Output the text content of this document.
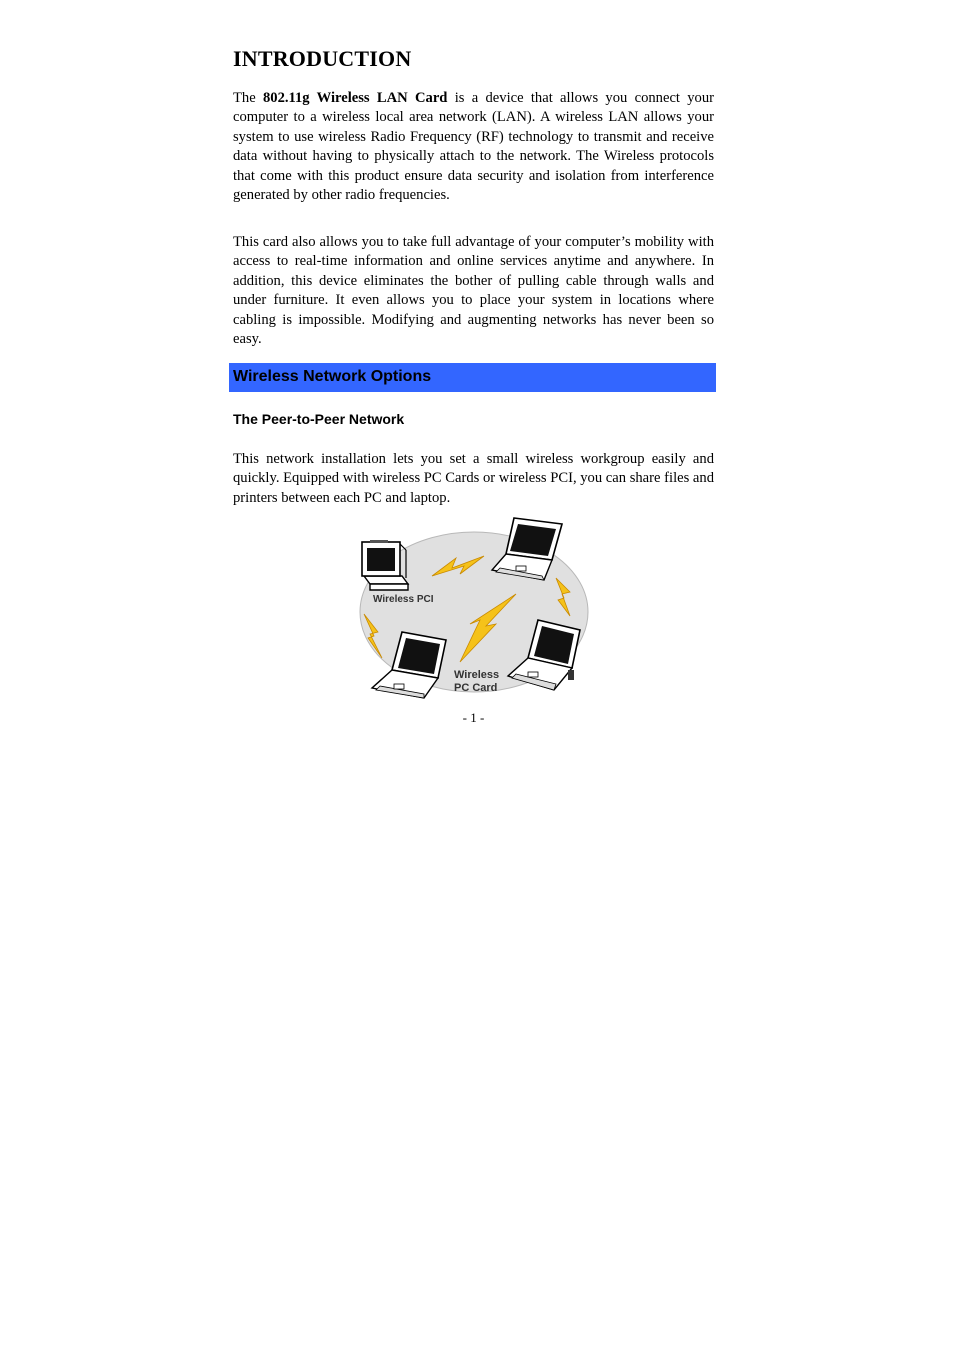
INTRODUCTION

The 802.11g Wireless LAN Card is a device that allows you connect your computer to a wireless local area network (LAN). A wireless LAN allows your system to use wireless Radio Frequency (RF) technology to transmit and receive data without having to physically attach to the network. The Wireless protocols that come with this product ensure data security and isolation from interference generated by other radio frequencies.

This card also allows you to take full advantage of your computer’s mobility with access to real-time information and online services anytime and anywhere. In addition, this device eliminates the bother of pulling cable through walls and under furniture. It even allows you to place your system in locations where cabling is impossible. Modifying and augmenting networks has never been so easy.

Wireless Network Options
The Peer-to-Peer Network

This network installation lets you set a small wireless workgroup easily and quickly. Equipped with wireless PC Cards or wireless PCI, you can share files and printers between each PC and laptop.

- 1 -
Wireless PCI
Wireless
PC Card
